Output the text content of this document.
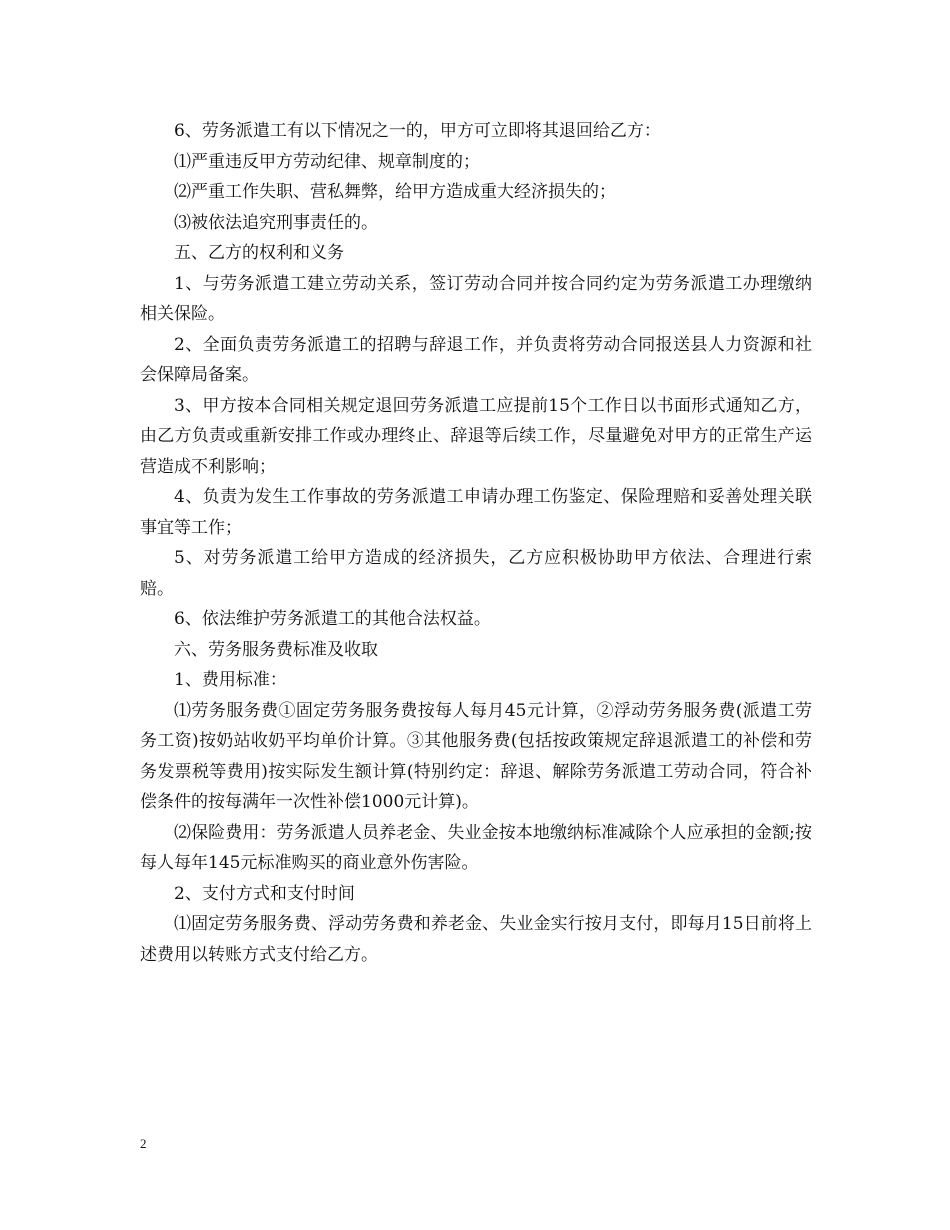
6、劳务派遣工有以下情况之一的，甲方可立即将其退回给乙方：

⑴严重违反甲方劳动纪律、规章制度的；

⑵严重工作失职、营私舞弊，给甲方造成重大经济损失的；

⑶被依法追究刑事责任的。

五、乙方的权利和义务

1、与劳务派遣工建立劳动关系，签订劳动合同并按合同约定为劳务派遣工办理缴纳相关保险。

2、全面负责劳务派遣工的招聘与辞退工作，并负责将劳动合同报送县人力资源和社会保障局备案。

3、甲方按本合同相关规定退回劳务派遣工应提前15个工作日以书面形式通知乙方，由乙方负责或重新安排工作或办理终止、辞退等后续工作，尽量避免对甲方的正常生产运营造成不利影响；

4、负责为发生工作事故的劳务派遣工申请办理工伤鉴定、保险理赔和妥善处理关联事宜等工作；

5、对劳务派遣工给甲方造成的经济损失，乙方应积极协助甲方依法、合理进行索赔。

6、依法维护劳务派遣工的其他合法权益。

六、劳务服务费标准及收取

1、费用标准：

⑴劳务服务费①固定劳务服务费按每人每月45元计算，②浮动劳务服务费(派遣工劳务工资)按奶站收奶平均单价计算。③其他服务费(包括按政策规定辞退派遣工的补偿和劳务发票税等费用)按实际发生额计算(特别约定：辞退、解除劳务派遣工劳动合同，符合补偿条件的按每满年一次性补偿1000元计算)。

⑵保险费用：劳务派遣人员养老金、失业金按本地缴纳标准减除个人应承担的金额;按每人每年145元标准购买的商业意外伤害险。

2、支付方式和支付时间

⑴固定劳务服务费、浮动劳务费和养老金、失业金实行按月支付，即每月15日前将上述费用以转账方式支付给乙方。

2
